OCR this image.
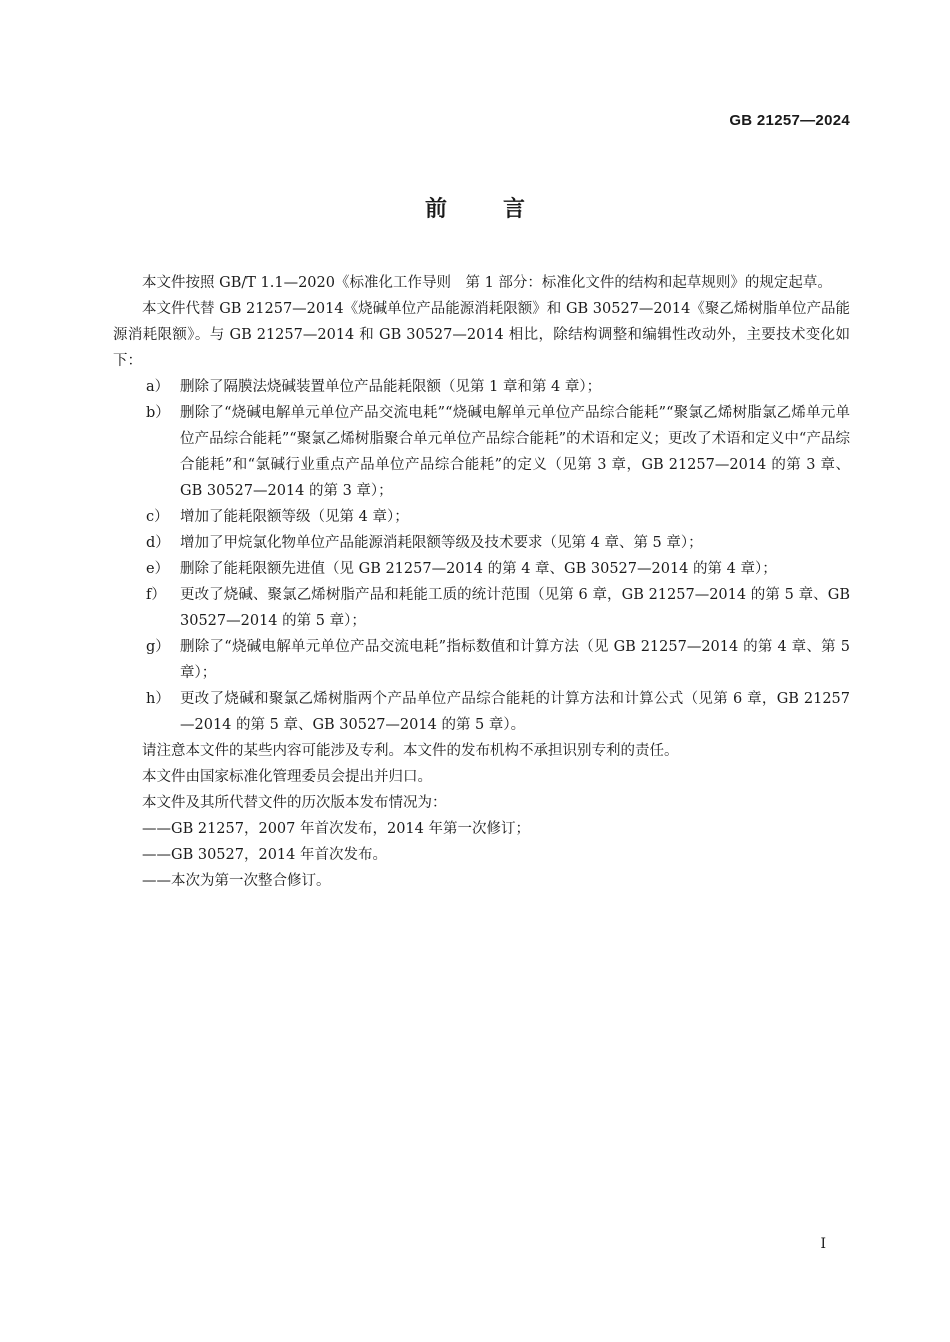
GB 21257—2024
前言

本文件按照 GB/T 1.1—2020《标准化工作导则　第 1 部分：标准化文件的结构和起草规则》的规定起草。

本文件代替 GB 21257—2014《烧碱单位产品能源消耗限额》和 GB 30527—2014《聚乙烯树脂单位产品能源消耗限额》。与 GB 21257—2014 和 GB 30527—2014 相比，除结构调整和编辑性改动外，主要技术变化如下：

a） 删除了隔膜法烧碱装置单位产品能耗限额（见第 1 章和第 4 章）；
b） 删除了“烧碱电解单元单位产品交流电耗”“烧碱电解单元单位产品综合能耗”“聚氯乙烯树脂氯乙烯单元单位产品综合能耗”“聚氯乙烯树脂聚合单元单位产品综合能耗”的术语和定义；更改了术语和定义中“产品综合能耗”和“氯碱行业重点产品单位产品综合能耗”的定义（见第 3 章，GB 21257—2014 的第 3 章、GB 30527—2014 的第 3 章）；
c） 增加了能耗限额等级（见第 4 章）；
d） 增加了甲烷氯化物单位产品能源消耗限额等级及技术要求（见第 4 章、第 5 章）；
e） 删除了能耗限额先进值（见 GB 21257—2014 的第 4 章、GB 30527—2014 的第 4 章）；
f） 更改了烧碱、聚氯乙烯树脂产品和耗能工质的统计范围（见第 6 章，GB 21257—2014 的第 5 章、GB 30527—2014 的第 5 章）；
g） 删除了“烧碱电解单元单位产品交流电耗”指标数值和计算方法（见 GB 21257—2014 的第 4 章、第 5 章）；
h） 更改了烧碱和聚氯乙烯树脂两个产品单位产品综合能耗的计算方法和计算公式（见第 6 章，GB 21257—2014 的第 5 章、GB 30527—2014 的第 5 章）。

请注意本文件的某些内容可能涉及专利。本文件的发布机构不承担识别专利的责任。

本文件由国家标准化管理委员会提出并归口。

本文件及其所代替文件的历次版本发布情况为：

——GB 21257，2007 年首次发布，2014 年第一次修订；

——GB 30527，2014 年首次发布。

——本次为第一次整合修订。

I
